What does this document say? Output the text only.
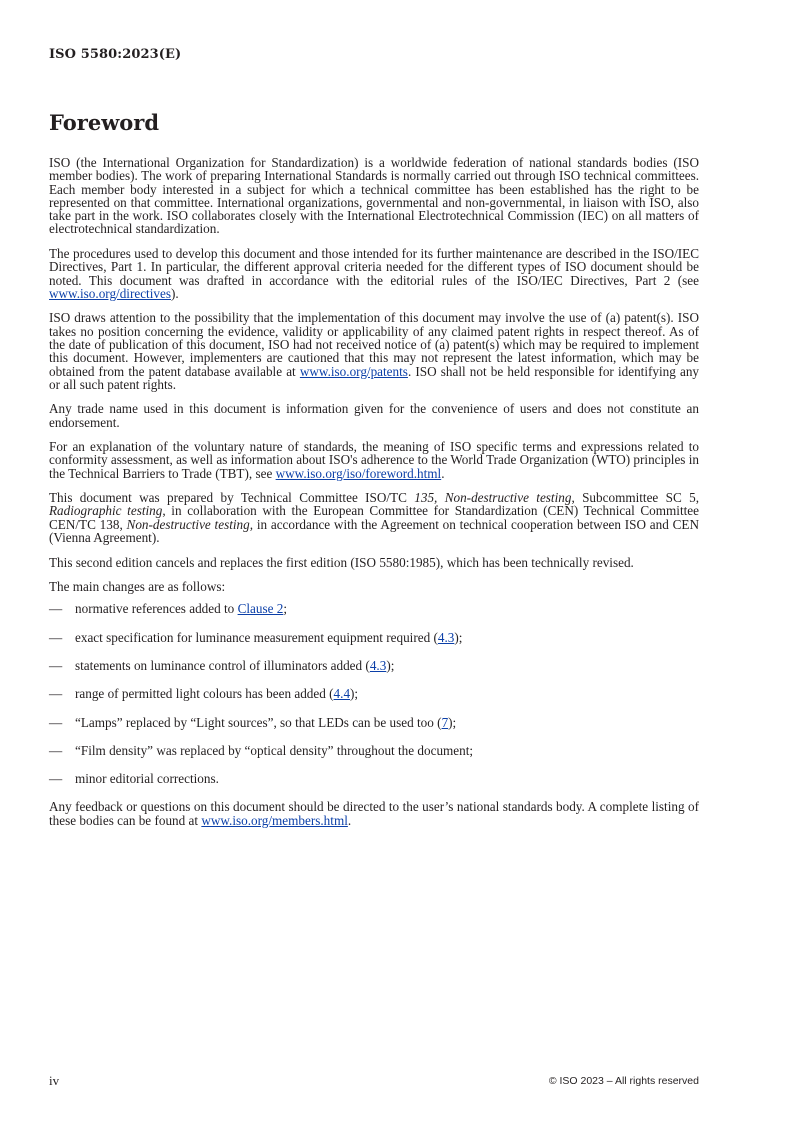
ISO 5580:2023(E)
Foreword

ISO (the International Organization for Standardization) is a worldwide federation of national standards bodies (ISO member bodies). The work of preparing International Standards is normally carried out through ISO technical committees. Each member body interested in a subject for which a technical committee has been established has the right to be represented on that committee. International organizations, governmental and non-governmental, in liaison with ISO, also take part in the work. ISO collaborates closely with the International Electrotechnical Commission (IEC) on all matters of electrotechnical standardization.

The procedures used to develop this document and those intended for its further maintenance are described in the ISO/IEC Directives, Part 1. In particular, the different approval criteria needed for the different types of ISO document should be noted. This document was drafted in accordance with the editorial rules of the ISO/IEC Directives, Part 2 (see www.iso.org/directives).

ISO draws attention to the possibility that the implementation of this document may involve the use of (a) patent(s). ISO takes no position concerning the evidence, validity or applicability of any claimed patent rights in respect thereof. As of the date of publication of this document, ISO had not received notice of (a) patent(s) which may be required to implement this document. However, implementers are cautioned that this may not represent the latest information, which may be obtained from the patent database available at www.iso.org/patents. ISO shall not be held responsible for identifying any or all such patent rights.

Any trade name used in this document is information given for the convenience of users and does not constitute an endorsement.

For an explanation of the voluntary nature of standards, the meaning of ISO specific terms and expressions related to conformity assessment, as well as information about ISO's adherence to the World Trade Organization (WTO) principles in the Technical Barriers to Trade (TBT), see www.iso.org/iso/foreword.html.

This document was prepared by Technical Committee ISO/TC 135, Non-destructive testing, Subcommittee SC 5, Radiographic testing, in collaboration with the European Committee for Standardization (CEN) Technical Committee CEN/TC 138, Non-destructive testing, in accordance with the Agreement on technical cooperation between ISO and CEN (Vienna Agreement).

This second edition cancels and replaces the first edition (ISO 5580:1985), which has been technically revised.

The main changes are as follows:

— normative references added to Clause 2;
— exact specification for luminance measurement equipment required (4.3);
— statements on luminance control of illuminators added (4.3);
— range of permitted light colours has been added (4.4);
— “Lamps” replaced by “Light sources”, so that LEDs can be used too (7);
— “Film density” was replaced by “optical density” throughout the document;
— minor editorial corrections.

Any feedback or questions on this document should be directed to the user’s national standards body. A complete listing of these bodies can be found at www.iso.org/members.html.

iv	© ISO 2023 – All rights reserved
